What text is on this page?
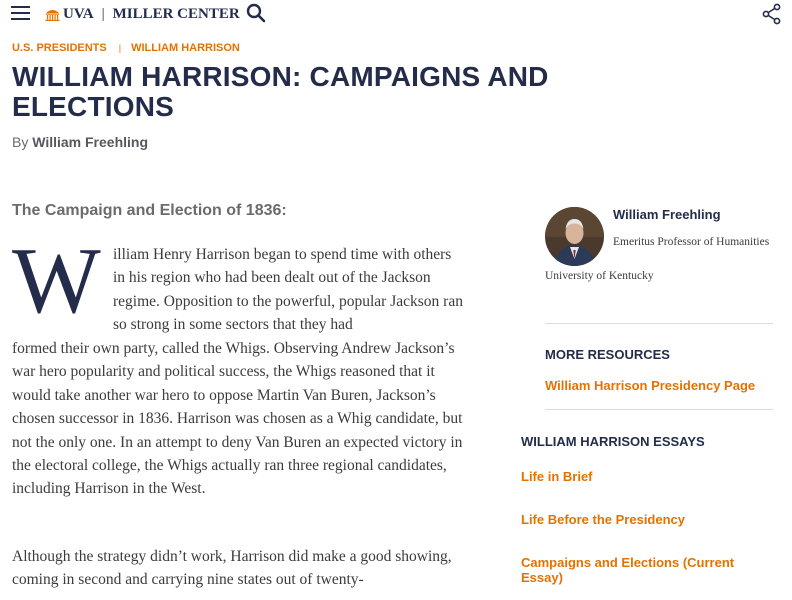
UVA | MILLER CENTER
U.S. PRESIDENTS | WILLIAM HARRISON
WILLIAM HARRISON: CAMPAIGNS AND ELECTIONS
By William Freehling
The Campaign and Election of 1836:
W illiam Henry Harrison began to spend time with others in his region who had been dealt out of the Jackson regime. Opposition to the powerful, popular Jackson ran so strong in some sectors that they had

formed their own party, called the Whigs. Observing Andrew Jackson’s war hero popularity and political success, the Whigs reasoned that it would take another war hero to oppose Martin Van Buren, Jackson’s chosen successor in 1836. Harrison was chosen as a Whig candidate, but not the only one. In an attempt to deny Van Buren an expected victory in the electoral college, the Whigs actually ran three regional candidates, including Harrison in the West.

Although the strategy didn’t work, Harrison did make a good showing, coming in second and carrying nine states out of twenty-

William Freehling
Emeritus Professor of Humanities
University of Kentucky
MORE RESOURCES
William Harrison Presidency Page
WILLIAM HARRISON ESSAYS
Life in Brief
Life Before the Presidency
Campaigns and Elections (Current Essay)
